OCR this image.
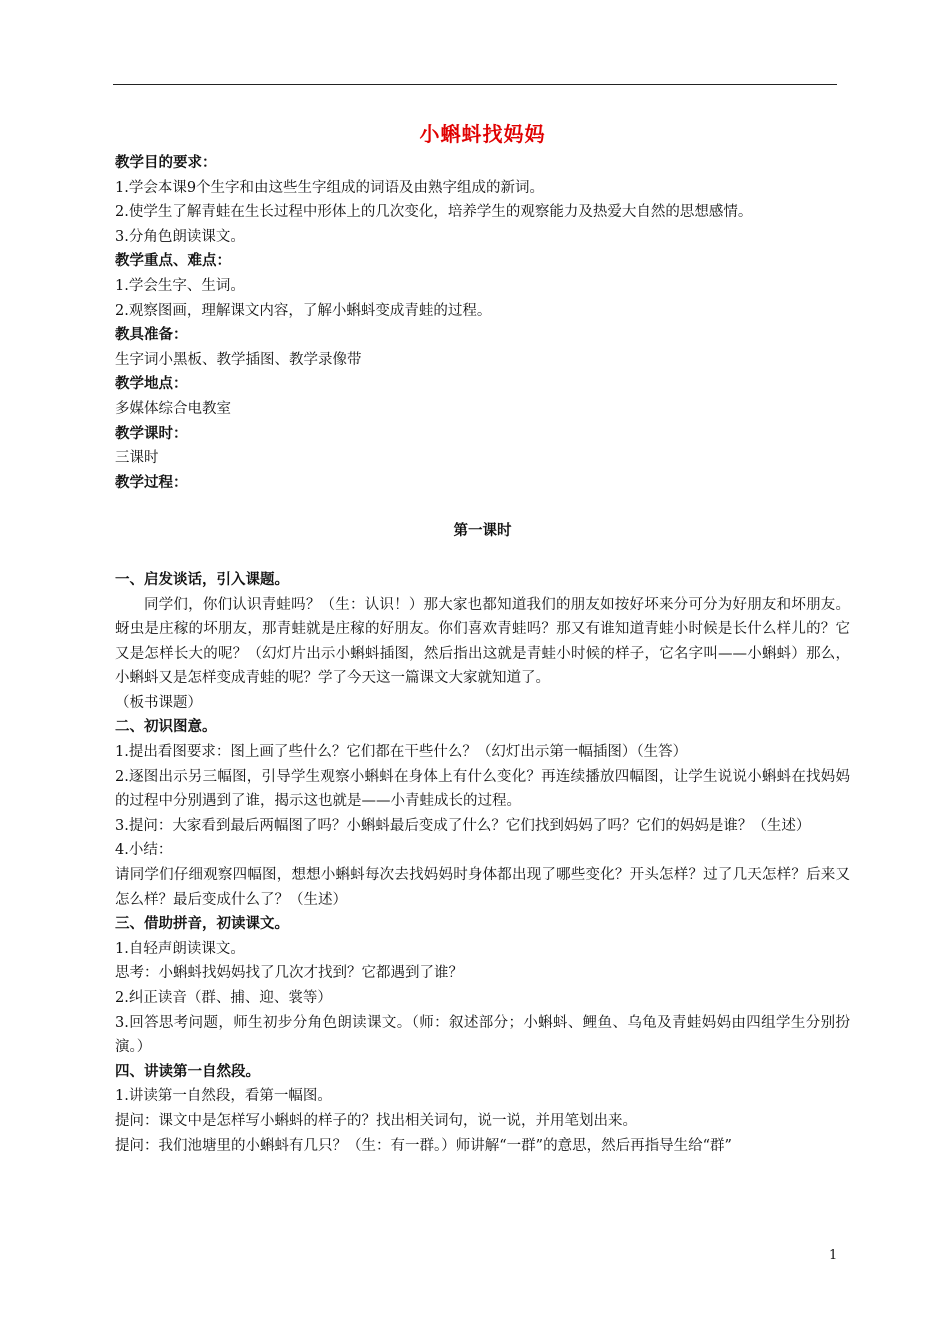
小蝌蚪找妈妈
教学目的要求：
1.学会本课9个生字和由这些生字组成的词语及由熟字组成的新词。
2.使学生了解青蛙在生长过程中形体上的几次变化，培养学生的观察能力及热爱大自然的思想感情。
3.分角色朗读课文。
教学重点、难点：
1.学会生字、生词。
2.观察图画，理解课文内容，了解小蝌蚪变成青蛙的过程。
教具准备：
生字词小黑板、教学插图、教学录像带
教学地点：
多媒体综合电教室
教学课时：
三课时
教学过程：
第一课时
一、启发谈话，引入课题。
同学们，你们认识青蛙吗？（生：认识！）那大家也都知道我们的朋友如按好坏来分可分为好朋友和坏朋友。蚜虫是庄稼的坏朋友，那青蛙就是庄稼的好朋友。你们喜欢青蛙吗？那又有谁知道青蛙小时候是长什么样儿的？它又是怎样长大的呢？（幻灯片出示小蝌蚪插图，然后指出这就是青蛙小时候的样子，它名字叫——小蝌蚪）那么，小蝌蚪又是怎样变成青蛙的呢？学了今天这一篇课文大家就知道了。
（板书课题）
二、初识图意。
1.提出看图要求：图上画了些什么？它们都在干些什么？（幻灯出示第一幅插图）（生答）
2.逐图出示另三幅图，引导学生观察小蝌蚪在身体上有什么变化？再连续播放四幅图，让学生说说小蝌蚪在找妈妈的过程中分别遇到了谁，揭示这也就是——小青蛙成长的过程。
3.提问：大家看到最后两幅图了吗？小蝌蚪最后变成了什么？它们找到妈妈了吗？它们的妈妈是谁？（生述）
4.小结：
请同学们仔细观察四幅图，想想小蝌蚪每次去找妈妈时身体都出现了哪些变化？开头怎样？过了几天怎样？后来又怎么样？最后变成什么了？（生述）
三、借助拼音，初读课文。
1.自轻声朗读课文。
思考：小蝌蚪找妈妈找了几次才找到？它都遇到了谁？
2.纠正读音（群、捕、迎、裳等）
3.回答思考问题，师生初步分角色朗读课文。（师：叙述部分；小蝌蚪、鲤鱼、乌龟及青蛙妈妈由四组学生分别扮演。）
四、讲读第一自然段。
1.讲读第一自然段，看第一幅图。
提问：课文中是怎样写小蝌蚪的样子的？找出相关词句，说一说，并用笔划出来。
提问：我们池塘里的小蝌蚪有几只？（生：有一群。）师讲解“一群”的意思，然后再指导生给“群”
1
